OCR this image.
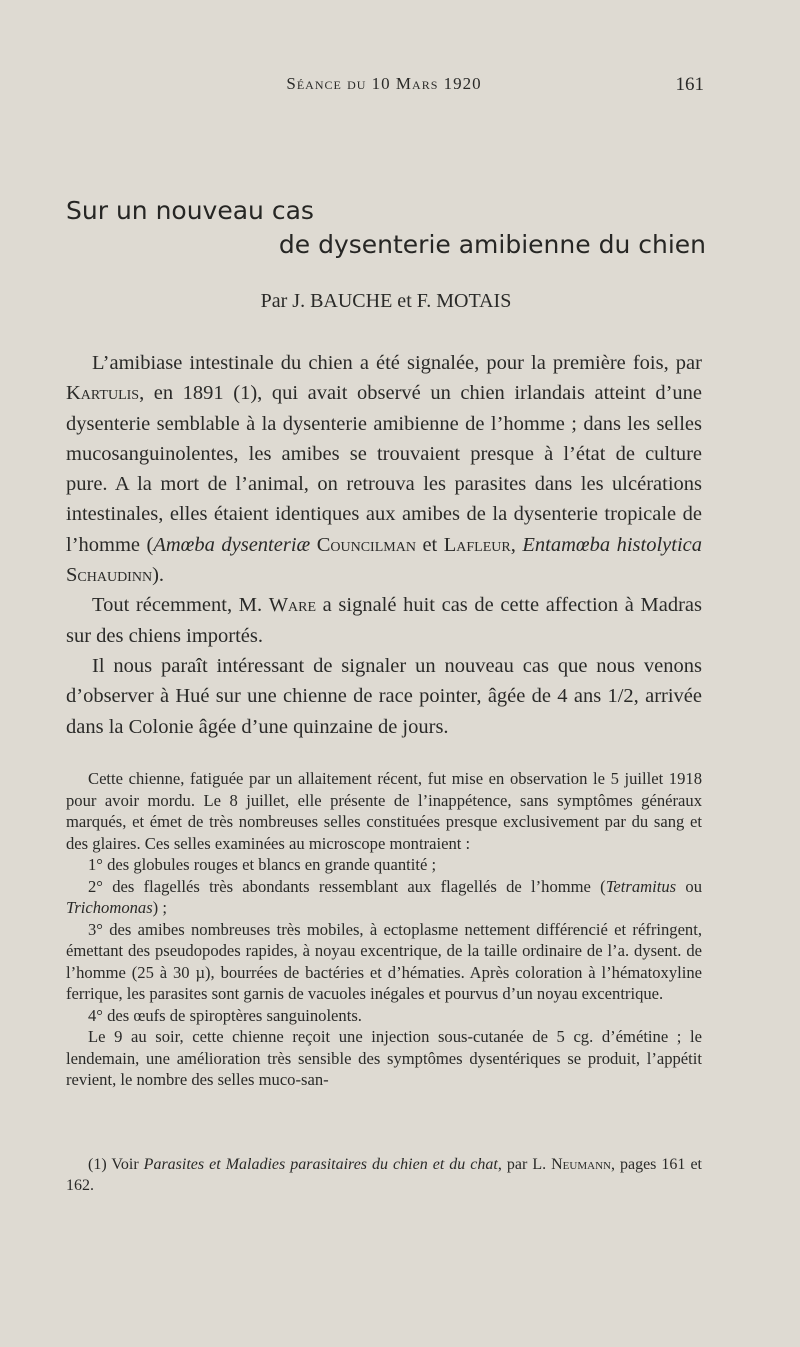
Séance du 10 Mars 1920	161
Sur un nouveau cas
de dysenterie amibienne du chien
Par J. BAUCHE et F. MOTAIS

L’amibiase intestinale du chien a été signalée, pour la première fois, par Kartulis, en 1891 (1), qui avait observé un chien irlandais atteint d’une dysenterie semblable à la dysenterie amibienne de l’homme ; dans les selles mucosanguinolentes, les amibes se trouvaient presque à l’état de culture pure. A la mort de l’animal, on retrouva les parasites dans les ulcérations intestinales, elles étaient identiques aux amibes de la dysenterie tropicale de l’homme (Amœba dysenteriæ Councilman et Lafleur, Entamœba histolytica Schaudinn).

Tout récemment, M. Ware a signalé huit cas de cette affection à Madras sur des chiens importés.

Il nous paraît intéressant de signaler un nouveau cas que nous venons d’observer à Hué sur une chienne de race pointer, âgée de 4 ans 1/2, arrivée dans la Colonie âgée d’une quinzaine de jours.

Cette chienne, fatiguée par un allaitement récent, fut mise en observation le 5 juillet 1918 pour avoir mordu. Le 8 juillet, elle présente de l’inappétence, sans symptômes généraux marqués, et émet de très nombreuses selles constituées presque exclusivement par du sang et des glaires. Ces selles examinées au microscope montraient :

1° des globules rouges et blancs en grande quantité ;

2° des flagellés très abondants ressemblant aux flagellés de l’homme (Tetramitus ou Trichomonas) ;

3° des amibes nombreuses très mobiles, à ectoplasme nettement différencié et réfringent, émettant des pseudopodes rapides, à noyau excentrique, de la taille ordinaire de l’a. dysent. de l’homme (25 à 30 µ), bourrées de bactéries et d’hématies. Après coloration à l’hématoxyline ferrique, les parasites sont garnis de vacuoles inégales et pourvus d’un noyau excentrique.

4° des œufs de spiroptères sanguinolents.

Le 9 au soir, cette chienne reçoit une injection sous-cutanée de 5 cg. d’émétine ; le lendemain, une amélioration très sensible des symptômes dysentériques se produit, l’appétit revient, le nombre des selles muco-san-

(1) Voir Parasites et Maladies parasitaires du chien et du chat, par L. Neumann, pages 161 et 162.
